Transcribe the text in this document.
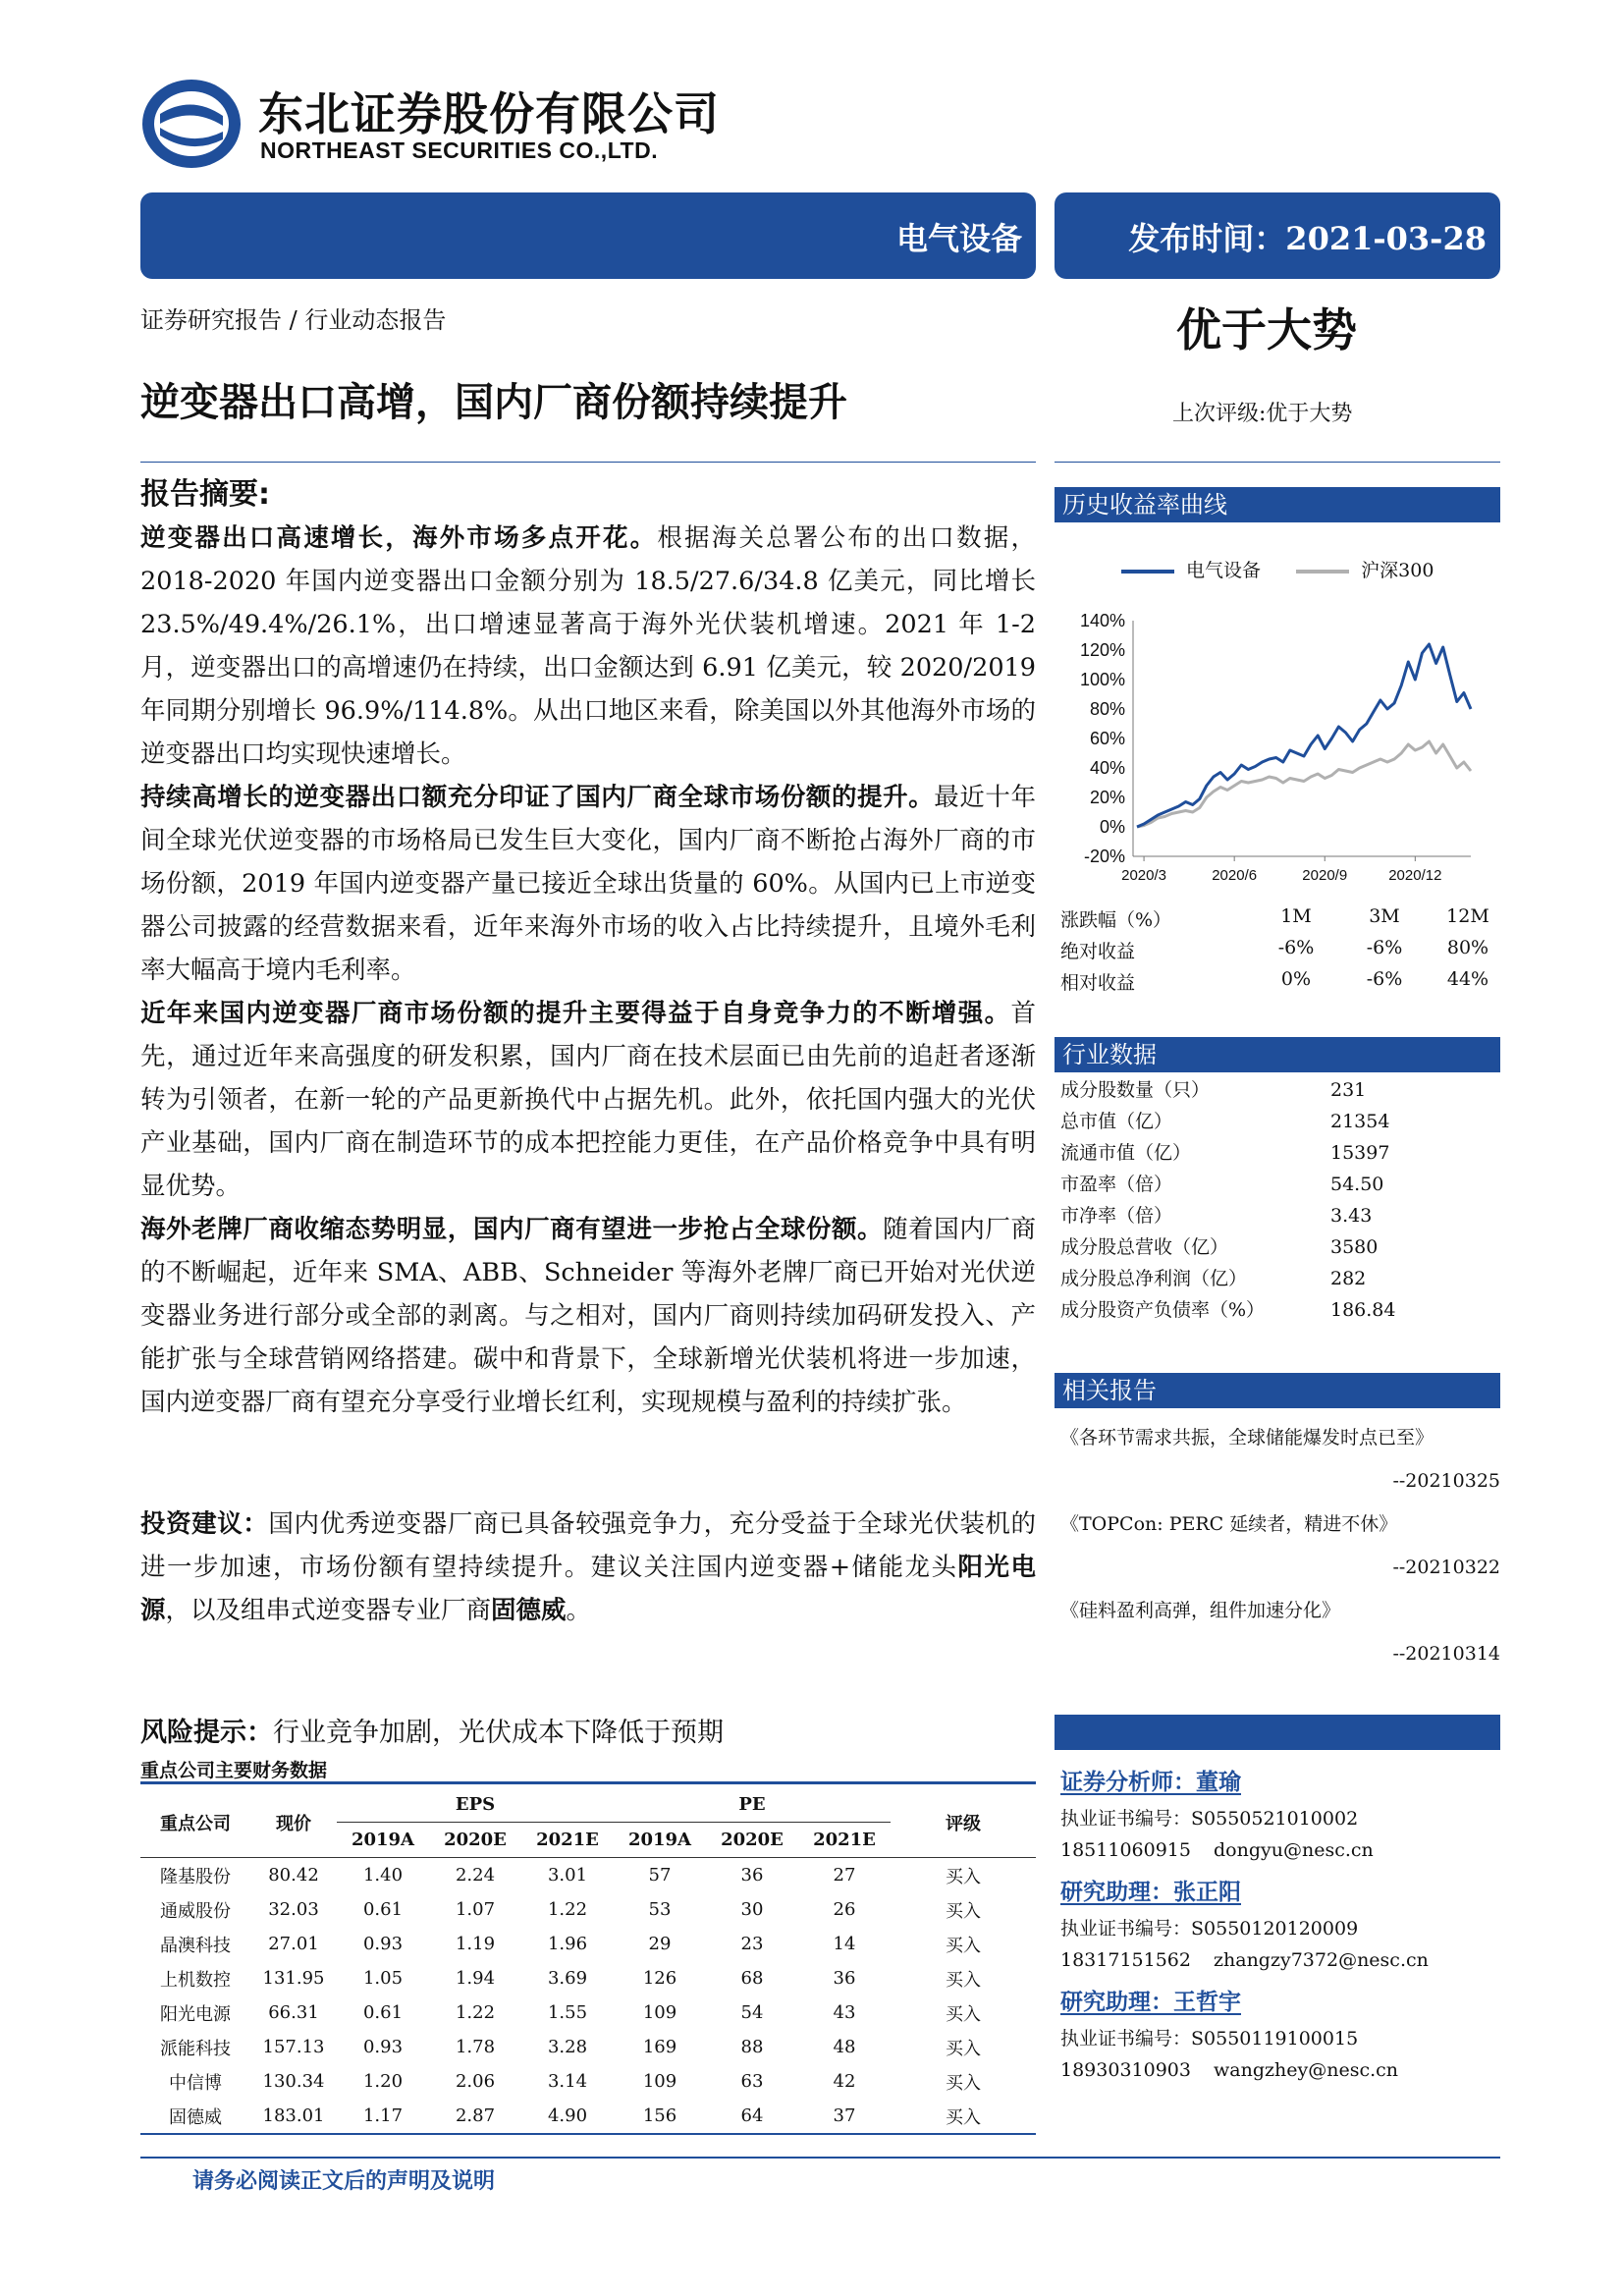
东北证券股份有限公司
NORTHEAST SECURITIES CO.,LTD.
电气设备	发布时间：2021-03-28
证券研究报告 / 行业动态报告	优于大势
逆变器出口高增，国内厂商份额持续提升	上次评级:优于大势
报告摘要:

逆变器出口高速增长，海外市场多点开花。根据海关总署公布的出口数据，2018-2020 年国内逆变器出口金额分别为 18.5/27.6/34.8 亿美元，同比增长 23.5%/49.4%/26.1%，出口增速显著高于海外光伏装机增速。2021 年 1-2 月，逆变器出口的高增速仍在持续，出口金额达到 6.91 亿美元，较 2020/2019 年同期分别增长 96.9%/114.8%。从出口地区来看，除美国以外其他海外市场的逆变器出口均实现快速增长。

持续高增长的逆变器出口额充分印证了国内厂商全球市场份额的提升。最近十年间全球光伏逆变器的市场格局已发生巨大变化，国内厂商不断抢占海外厂商的市场份额，2019 年国内逆变器产量已接近全球出货量的 60%。从国内已上市逆变器公司披露的经营数据来看，近年来海外市场的收入占比持续提升，且境外毛利率大幅高于境内毛利率。

近年来国内逆变器厂商市场份额的提升主要得益于自身竞争力的不断增强。首先，通过近年来高强度的研发积累，国内厂商在技术层面已由先前的追赶者逐渐转为引领者，在新一轮的产品更新换代中占据先机。此外，依托国内强大的光伏产业基础，国内厂商在制造环节的成本把控能力更佳，在产品价格竞争中具有明显优势。

海外老牌厂商收缩态势明显，国内厂商有望进一步抢占全球份额。随着国内厂商的不断崛起，近年来 SMA、ABB、Schneider 等海外老牌厂商已开始对光伏逆变器业务进行部分或全部的剥离。与之相对，国内厂商则持续加码研发投入、产能扩张与全球营销网络搭建。碳中和背景下，全球新增光伏装机将进一步加速，国内逆变器厂商有望充分享受行业增长红利，实现规模与盈利的持续扩张。

投资建议：国内优秀逆变器厂商已具备较强竞争力，充分受益于全球光伏装机的进一步加速，市场份额有望持续提升。建议关注国内逆变器+储能龙头阳光电源，以及组串式逆变器专业厂商固德威。

风险提示：行业竞争加剧，光伏成本下降低于预期
重点公司主要财务数据
重点公司	现价	EPS			PE			评级
		2019A	2020E	2021E	2019A	2020E	2021E	
隆基股份	80.42	1.40	2.24	3.01	57	36	27	买入
通威股份	32.03	0.61	1.07	1.22	53	30	26	买入
晶澳科技	27.01	0.93	1.19	1.96	29	23	14	买入
上机数控	131.95	1.05	1.94	3.69	126	68	36	买入
阳光电源	66.31	0.61	1.22	1.55	109	54	43	买入
派能科技	157.13	0.93	1.78	3.28	169	88	48	买入
中信博	130.34	1.20	2.06	3.14	109	63	42	买入
固德威	183.01	1.17	2.87	4.90	156	64	37	买入
历史收益率曲线
电气设备	沪深300
-20%
0%
20%
40%
60%
80%
100%
120%
140%
2020/3	2020/6	2020/9	2020/12
涨跌幅（%）	1M	3M	12M
绝对收益	-6%	-6%	80%
相对收益	0%	-6%	44%
行业数据
成分股数量（只）	231
总市值（亿）	21354
流通市值（亿）	15397
市盈率（倍）	54.50
市净率（倍）	3.43
成分股总营收（亿）	3580
成分股总净利润（亿）	282
成分股资产负债率（%）	186.84
相关报告
《各环节需求共振，全球储能爆发时点已至》
--20210325
《TOPCon: PERC 延续者，精进不休》
--20210322
《硅料盈利高弹，组件加速分化》
--20210314
证券分析师：董瑜
执业证书编号：S0550521010002
18511060915 dongyu@nesc.cn
研究助理：张正阳
执业证书编号：S0550120120009
18317151562 zhangzy7372@nesc.cn
研究助理：王哲宇
执业证书编号：S0550119100015
18930310903 wangzhey@nesc.cn
请务必阅读正文后的声明及说明
